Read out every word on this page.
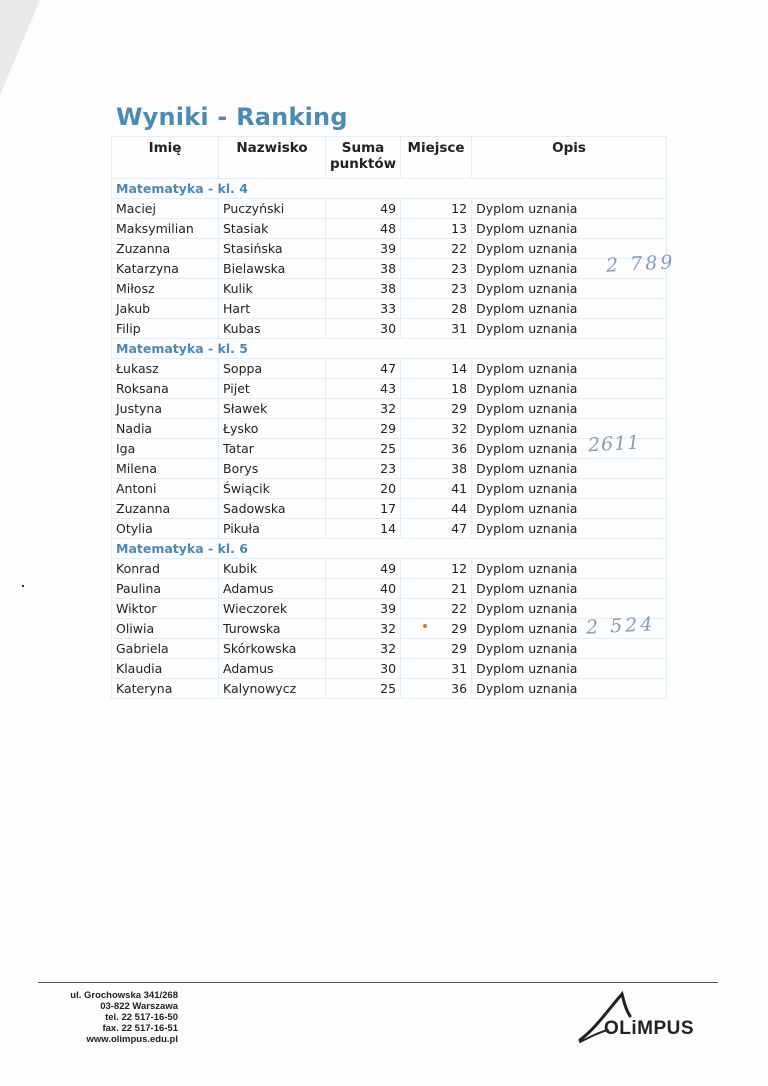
Wyniki - Ranking
Imię	Nazwisko	Suma punktów	Miejsce	Opis
Matematyka - kl. 4				
Maciej	Puczyński	49	12	Dyplom uznania
Maksymilian	Stasiak	48	13	Dyplom uznania
Zuzanna	Stasińska	39	22	Dyplom uznania
Katarzyna	Bielawska	38	23	Dyplom uznania
Miłosz	Kulik	38	23	Dyplom uznania
Jakub	Hart	33	28	Dyplom uznania
Filip	Kubas	30	31	Dyplom uznania
Matematyka - kl. 5				
Łukasz	Soppa	47	14	Dyplom uznania
Roksana	Pijet	43	18	Dyplom uznania
Justyna	Sławek	32	29	Dyplom uznania
Nadia	Łysko	29	32	Dyplom uznania
Iga	Tatar	25	36	Dyplom uznania
Milena	Borys	23	38	Dyplom uznania
Antoni	Świącik	20	41	Dyplom uznania
Zuzanna	Sadowska	17	44	Dyplom uznania
Otylia	Pikuła	14	47	Dyplom uznania
Matematyka - kl. 6				
Konrad	Kubik	49	12	Dyplom uznania
Paulina	Adamus	40	21	Dyplom uznania
Wiktor	Wieczorek	39	22	Dyplom uznania
Oliwia	Turowska	32	29	Dyplom uznania
Gabriela	Skórkowska	32	29	Dyplom uznania
Klaudia	Adamus	30	31	Dyplom uznania
Kateryna	Kalynowycz	25	36	Dyplom uznania
2 789
2611
2 524
ul. Grochowska 341/268
03-822 Warszawa
tel. 22 517-16-50
fax. 22 517-16-51
www.olimpus.edu.pl
OLiMPUS
